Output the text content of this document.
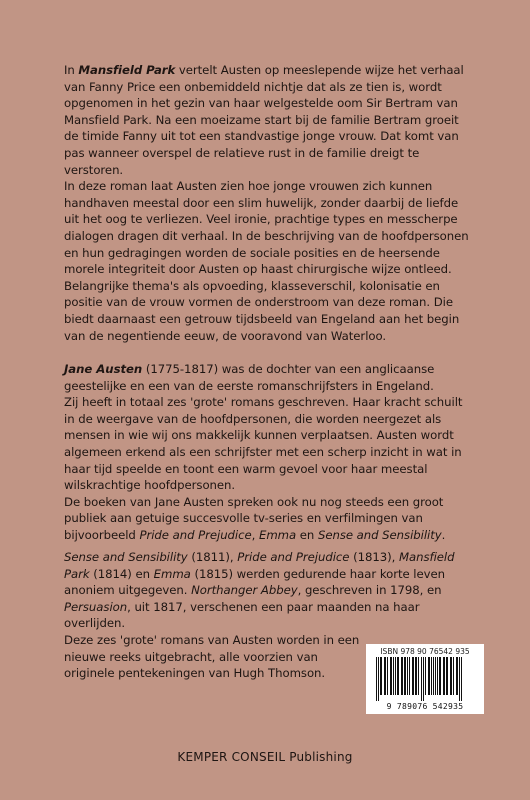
In Mansfield Park vertelt Austen op meeslepende wijze het verhaal van Fanny Price een onbemiddeld nichtje dat als ze tien is, wordt opgenomen in het gezin van haar welgestelde oom Sir Bertram van Mansfield Park. Na een moeizame start bij de familie Bertram groeit de timide Fanny uit tot een standvastige jonge vrouw. Dat komt van pas wanneer overspel de relatieve rust in de familie dreigt te verstoren.

In deze roman laat Austen zien hoe jonge vrouwen zich kunnen handhaven meestal door een slim huwelijk, zonder daarbij de liefde uit het oog te verliezen. Veel ironie, prachtige types en messcherpe dialogen dragen dit verhaal. In de beschrijving van de hoofdpersonen en hun gedragingen worden de sociale posities en de heersende morele integriteit door Austen op haast chirurgische wijze ontleed.

Belangrijke thema's als opvoeding, klasseverschil, kolonisatie en positie van de vrouw vormen de onderstroom van deze roman. Die biedt daarnaast een getrouw tijdsbeeld van Engeland aan het begin van de negentiende eeuw, de vooravond van Waterloo.

Jane Austen (1775-1817) was de dochter van een anglicaanse geestelijke en een van de eerste romanschrijfsters in Engeland.

Zij heeft in totaal zes 'grote' romans geschreven. Haar kracht schuilt in de weergave van de hoofdpersonen, die worden neergezet als mensen in wie wij ons makkelijk kunnen verplaatsen. Austen wordt algemeen erkend als een schrijfster met een scherp inzicht in wat in haar tijd speelde en toont een warm gevoel voor haar meestal wilskrachtige hoofdpersonen.

De boeken van Jane Austen spreken ook nu nog steeds een groot publiek aan getuige succesvolle tv-series en verfilmingen van bijvoorbeeld Pride and Prejudice, Emma en Sense and Sensibility.

Sense and Sensibility (1811), Pride and Prejudice (1813), Mansfield Park (1814) en Emma (1815) werden gedurende haar korte leven anoniem uitgegeven. Northanger Abbey, geschreven in 1798, en Persuasion, uit 1817, verschenen een paar maanden na haar overlijden.

Deze zes 'grote' romans van Austen worden in een nieuwe reeks uitgebracht, alle voorzien van originele pentekeningen van Hugh Thomson.

ISBN 978 90 76542 935
9 789076 542935
KEMPER CONSEIL Publishing
